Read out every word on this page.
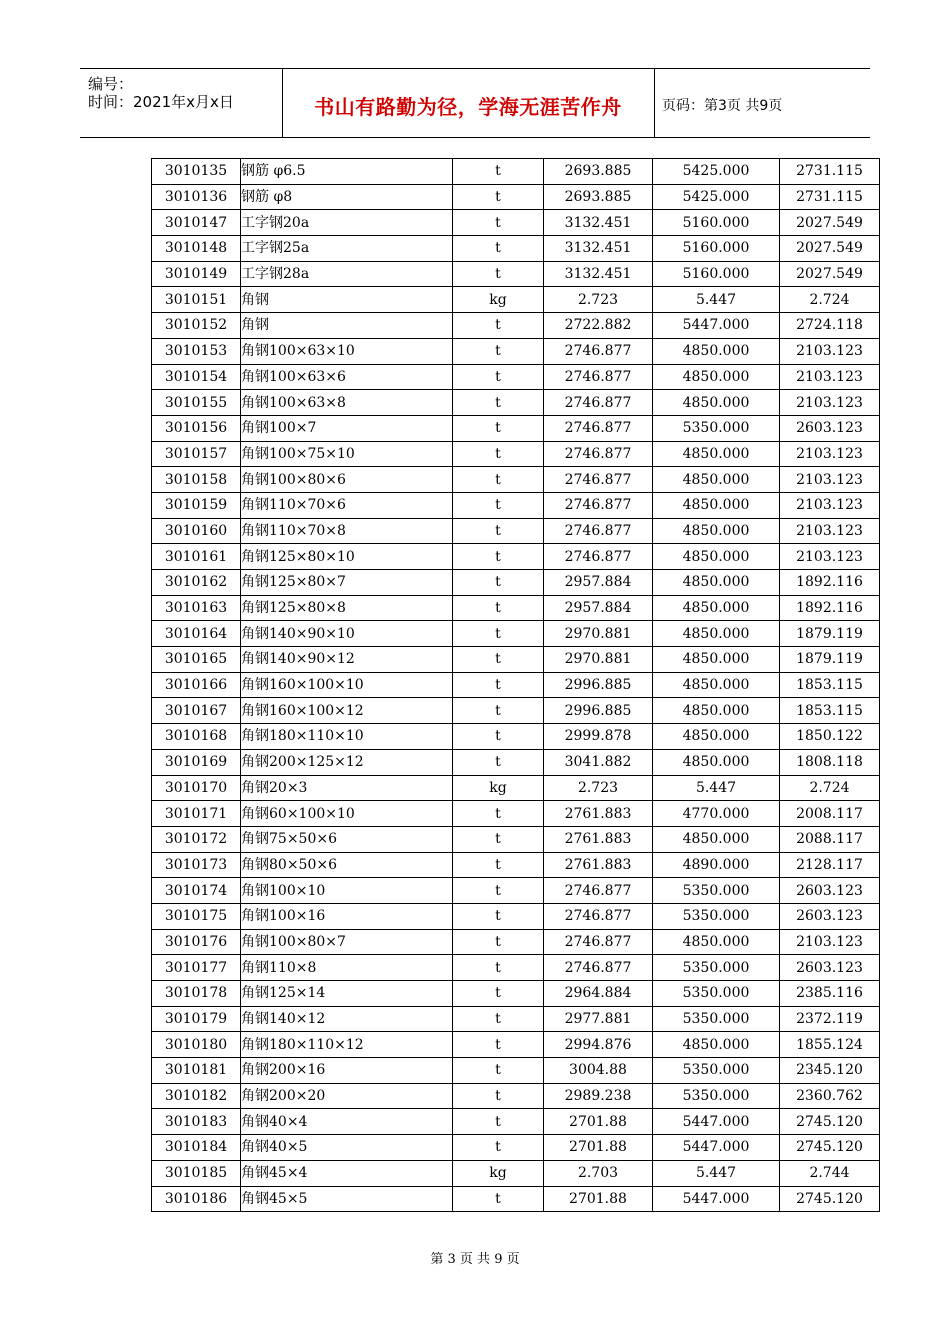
编号：
时间：2021年x月x日	书山有路勤为径，学海无涯苦作舟	页码：第3页 共9页
3010135	钢筋 φ6.5	t	2693.885	5425.000	2731.115
3010136	钢筋 φ8	t	2693.885	5425.000	2731.115
3010147	工字钢20a	t	3132.451	5160.000	2027.549
3010148	工字钢25a	t	3132.451	5160.000	2027.549
3010149	工字钢28a	t	3132.451	5160.000	2027.549
3010151	角钢	kg	2.723	5.447	2.724
3010152	角钢	t	2722.882	5447.000	2724.118
3010153	角钢100×63×10	t	2746.877	4850.000	2103.123
3010154	角钢100×63×6	t	2746.877	4850.000	2103.123
3010155	角钢100×63×8	t	2746.877	4850.000	2103.123
3010156	角钢100×7	t	2746.877	5350.000	2603.123
3010157	角钢100×75×10	t	2746.877	4850.000	2103.123
3010158	角钢100×80×6	t	2746.877	4850.000	2103.123
3010159	角钢110×70×6	t	2746.877	4850.000	2103.123
3010160	角钢110×70×8	t	2746.877	4850.000	2103.123
3010161	角钢125×80×10	t	2746.877	4850.000	2103.123
3010162	角钢125×80×7	t	2957.884	4850.000	1892.116
3010163	角钢125×80×8	t	2957.884	4850.000	1892.116
3010164	角钢140×90×10	t	2970.881	4850.000	1879.119
3010165	角钢140×90×12	t	2970.881	4850.000	1879.119
3010166	角钢160×100×10	t	2996.885	4850.000	1853.115
3010167	角钢160×100×12	t	2996.885	4850.000	1853.115
3010168	角钢180×110×10	t	2999.878	4850.000	1850.122
3010169	角钢200×125×12	t	3041.882	4850.000	1808.118
3010170	角钢20×3	kg	2.723	5.447	2.724
3010171	角钢60×100×10	t	2761.883	4770.000	2008.117
3010172	角钢75×50×6	t	2761.883	4850.000	2088.117
3010173	角钢80×50×6	t	2761.883	4890.000	2128.117
3010174	角钢100×10	t	2746.877	5350.000	2603.123
3010175	角钢100×16	t	2746.877	5350.000	2603.123
3010176	角钢100×80×7	t	2746.877	4850.000	2103.123
3010177	角钢110×8	t	2746.877	5350.000	2603.123
3010178	角钢125×14	t	2964.884	5350.000	2385.116
3010179	角钢140×12	t	2977.881	5350.000	2372.119
3010180	角钢180×110×12	t	2994.876	4850.000	1855.124
3010181	角钢200×16	t	3004.88	5350.000	2345.120
3010182	角钢200×20	t	2989.238	5350.000	2360.762
3010183	角钢40×4	t	2701.88	5447.000	2745.120
3010184	角钢40×5	t	2701.88	5447.000	2745.120
3010185	角钢45×4	kg	2.703	5.447	2.744
3010186	角钢45×5	t	2701.88	5447.000	2745.120
第 3 页 共 9 页
